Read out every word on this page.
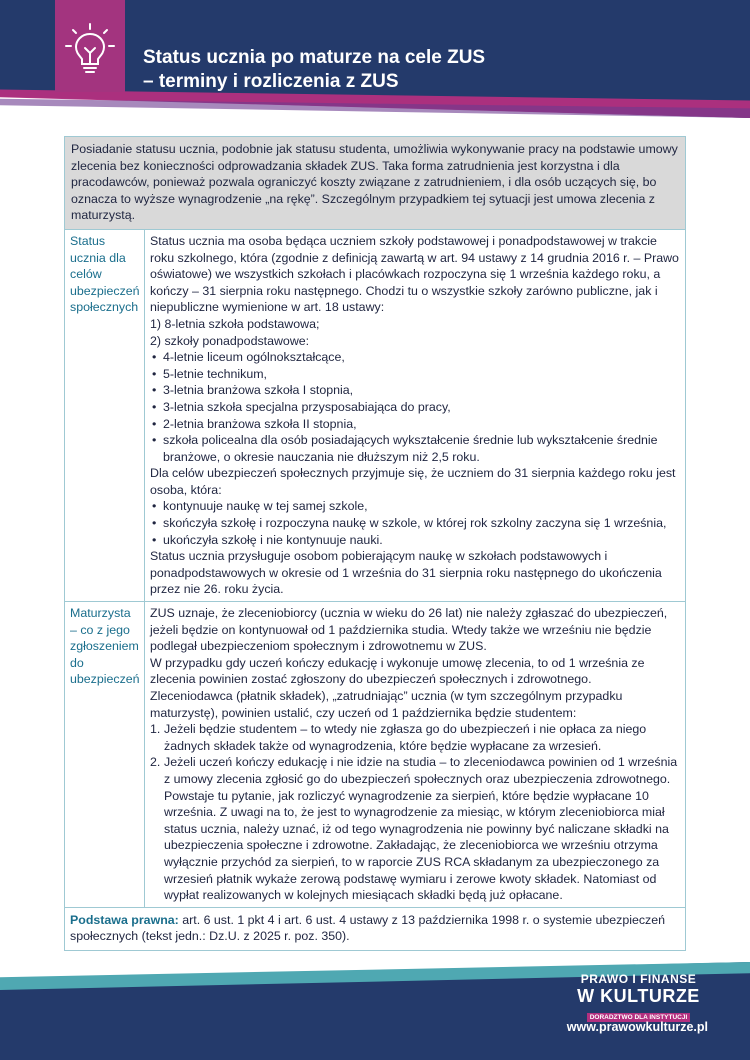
Status ucznia po maturze na cele ZUS
– terminy i rozliczenia z ZUS
Posiadanie statusu ucznia, podobnie jak statusu studenta, umożliwia wykonywanie pracy na podstawie umowy zlecenia bez konieczności odprowadzania składek ZUS. Taka forma zatrudnienia jest korzystna i dla pracodawców, ponieważ pozwala ograniczyć koszty związane z zatrudnieniem, i dla osób uczących się, bo oznacza to wyższe wynagrodzenie „na rękę”. Szczególnym przypadkiem tej sytuacji jest umowa zlecenia z maturzystą.
Status ucznia dla celów ubezpieczeń społecznych

Status ucznia ma osoba będąca uczniem szkoły podstawowej i ponadpodstawowej w trakcie roku szkolnego, która (zgodnie z definicją zawartą w art. 94 ustawy z 14 grudnia 2016 r. – Prawo oświatowe) we wszystkich szkołach i placówkach rozpoczyna się 1 września każdego roku, a kończy – 31 sierpnia roku następnego. Chodzi tu o wszystkie szkoły zarówno publiczne, jak i niepubliczne wymienione w art. 18 ustawy:

1) 8-letnia szkoła podstawowa;

2) szkoły ponadpodstawowe:

• 4-letnie liceum ogólnokształcące,
• 5-letnie technikum,
• 3-letnia branżowa szkoła I stopnia,
• 3-letnia szkoła specjalna przysposabiająca do pracy,
• 2-letnia branżowa szkoła II stopnia,
• szkoła policealna dla osób posiadających wykształcenie średnie lub wykształcenie średnie branżowe, o okresie nauczania nie dłuższym niż 2,5 roku.

Dla celów ubezpieczeń społecznych przyjmuje się, że uczniem do 31 sierpnia każdego roku jest osoba, która:

• kontynuuje naukę w tej samej szkole,
• skończyła szkołę i rozpoczyna naukę w szkole, w której rok szkolny zaczyna się 1 września,
• ukończyła szkołę i nie kontynuuje nauki.

Status ucznia przysługuje osobom pobierającym naukę w szkołach podstawowych i ponadpodstawowych w okresie od 1 września do 31 sierpnia roku następnego do ukończenia przez nie 26. roku życia.

Maturzysta – co z jego zgłoszeniem do ubezpieczeń

ZUS uznaje, że zleceniobiorcy (ucznia w wieku do 26 lat) nie należy zgłaszać do ubezpieczeń, jeżeli będzie on kontynuował od 1 października studia. Wtedy także we wrześniu nie będzie podlegał ubezpieczeniom społecznym i zdrowotnemu w ZUS.

W przypadku gdy uczeń kończy edukację i wykonuje umowę zlecenia, to od 1 września ze zlecenia powinien zostać zgłoszony do ubezpieczeń społecznych i zdrowotnego.

Zleceniodawca (płatnik składek), „zatrudniając” ucznia (w tym szczególnym przypadku maturzystę), powinien ustalić, czy uczeń od 1 października będzie studentem:

1. Jeżeli będzie studentem – to wtedy nie zgłasza go do ubezpieczeń i nie opłaca za niego żadnych składek także od wynagrodzenia, które będzie wypłacane za wrzesień.
2. Jeżeli uczeń kończy edukację i nie idzie na studia – to zleceniodawca powinien od 1 września z umowy zlecenia zgłosić go do ubezpieczeń społecznych oraz ubezpieczenia zdrowotnego. Powstaje tu pytanie, jak rozliczyć wynagrodzenie za sierpień, które będzie wypłacane 10 września. Z uwagi na to, że jest to wynagrodzenie za miesiąc, w którym zleceniobiorca miał status ucznia, należy uznać, iż od tego wynagrodzenia nie powinny być naliczane składki na ubezpieczenia społeczne i zdrowotne. Zakładając, że zleceniobiorca we wrześniu otrzyma wyłącznie przychód za sierpień, to w raporcie ZUS RCA składanym za ubezpieczonego za wrzesień płatnik wykaże zerową podstawę wymiaru i zerowe kwoty składek. Natomiast od wypłat realizowanych w kolejnych miesiącach składki będą już opłacane.
Podstawa prawna: art. 6 ust. 1 pkt 4 i art. 6 ust. 4 ustawy z 13 października 1998 r. o systemie ubezpieczeń społecznych (tekst jedn.: Dz.U. z 2025 r. poz. 350).
PRAWO I FINANSE
W KULTURZE
DORADZTWO DLA INSTYTUCJI
www.prawowkulturze.pl
